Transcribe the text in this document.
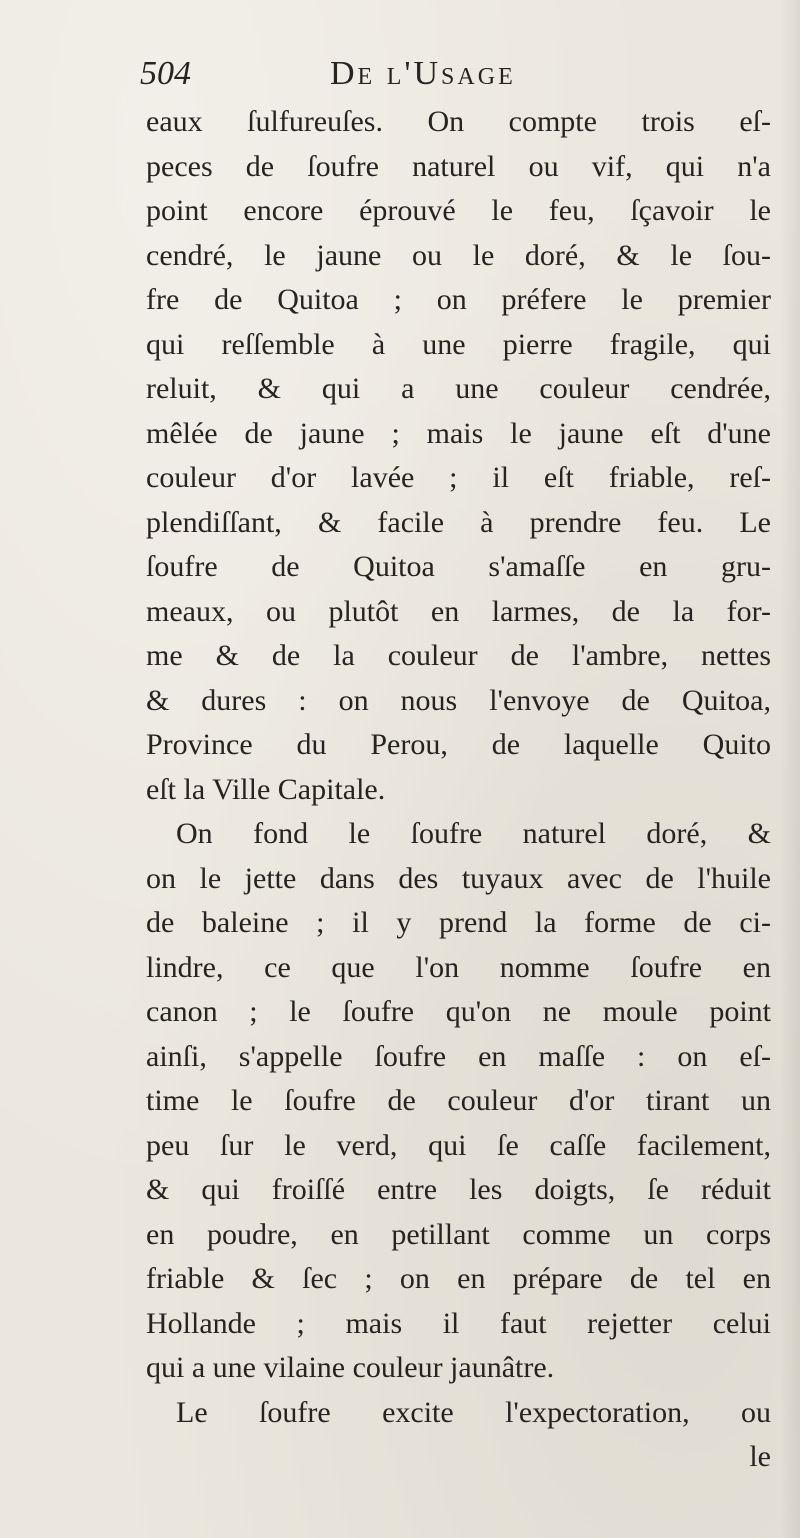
504	De l'Usage
eaux ſulfureuſes. On compte trois eſ-
peces de ſoufre naturel ou vif, qui n'a
point encore éprouvé le feu, ſçavoir le
cendré, le jaune ou le doré, & le ſou-
fre de Quitoa ; on préfere le premier
qui reſſemble à une pierre fragile, qui
reluit, & qui a une couleur cendrée,
mêlée de jaune ; mais le jaune eſt d'une
couleur d'or lavée ; il eſt friable, reſ-
plendiſſant, & facile à prendre feu. Le
ſoufre de Quitoa s'amaſſe en gru-
meaux, ou plutôt en larmes, de la for-
me & de la couleur de l'ambre, nettes
& dures : on nous l'envoye de Quitoa,
Province du Perou, de laquelle Quito
eſt la Ville Capitale.
On fond le ſoufre naturel doré, &
on le jette dans des tuyaux avec de l'huile
de baleine ; il y prend la forme de ci-
lindre, ce que l'on nomme ſoufre en
canon ; le ſoufre qu'on ne moule point
ainſi, s'appelle ſoufre en maſſe : on eſ-
time le ſoufre de couleur d'or tirant un
peu ſur le verd, qui ſe caſſe facilement,
& qui froiſſé entre les doigts, ſe réduit
en poudre, en petillant comme un corps
friable & ſec ; on en prépare de tel en
Hollande ; mais il faut rejetter celui
qui a une vilaine couleur jaunâtre.
Le ſoufre excite l'expectoration, ou
le
